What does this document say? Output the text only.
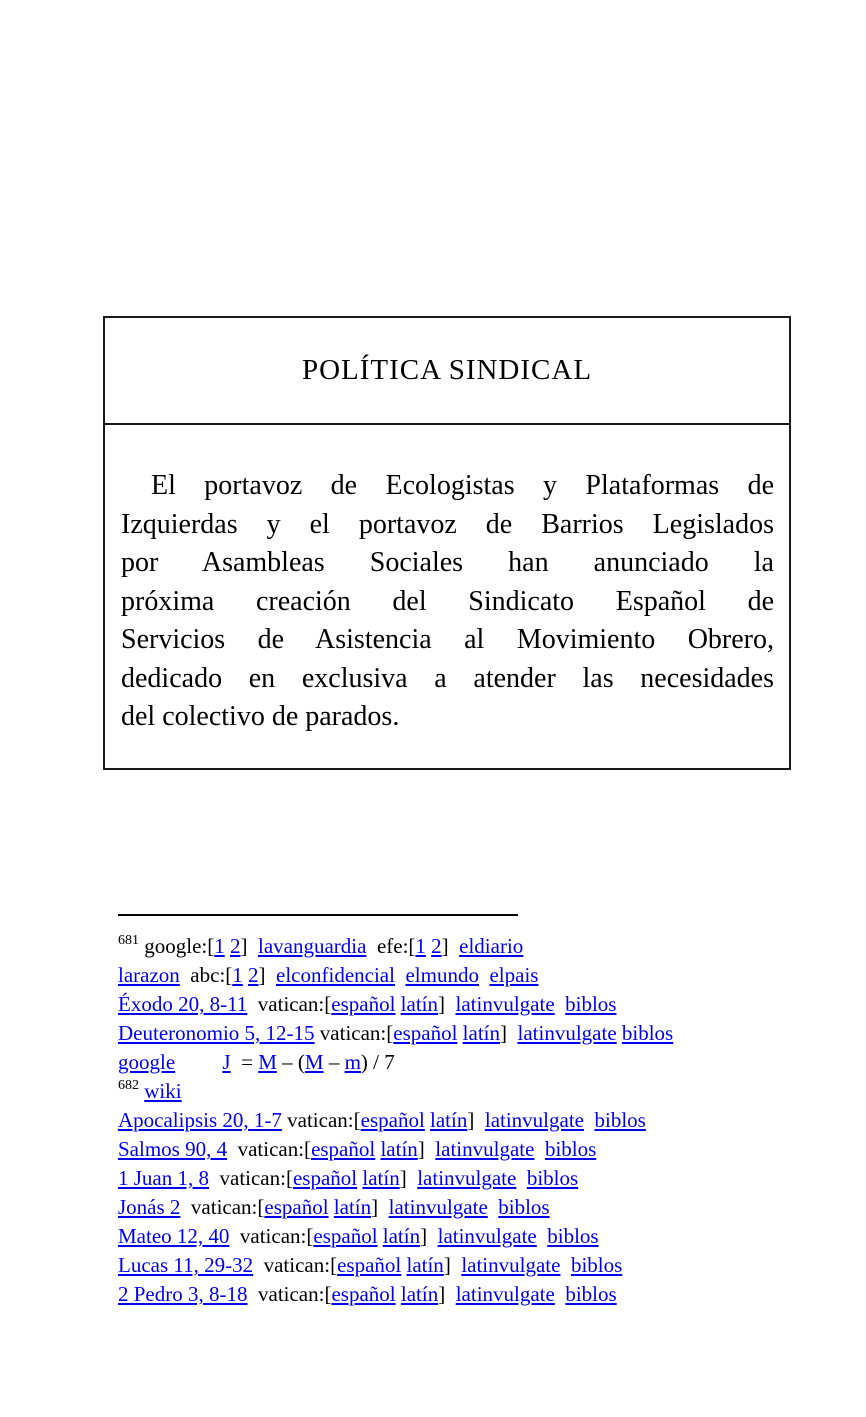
POLÍTICA SINDICAL
El portavoz de Ecologistas y Plataformas de
Izquierdas y el portavoz de Barrios Legislados
por Asambleas Sociales han anunciado la
próxima creación del Sindicato Español de
Servicios de Asistencia al Movimiento Obrero,
dedicado en exclusiva a atender las necesidades
del colectivo de parados.
$^{681}$ google:[1 2]  lavanguardia  efe:[1 2]  eldiario
larazon  abc:[1 2]  elconfidencial elmundo elpais
Éxodo 20, 8-11  vatican:[español latín]  latinvulgate biblos
Deuteronomio 5, 12-15 vatican:[español latín]  latinvulgate biblos
google J  = M – (M – m) / 7
$^{682}$ wiki
Apocalipsis 20, 1-7 vatican:[español latín]  latinvulgate biblos
Salmos 90, 4  vatican:[español latín]  latinvulgate biblos
1 Juan 1, 8  vatican:[español latín]  latinvulgate biblos
Jonás 2  vatican:[español latín]  latinvulgate biblos
Mateo 12, 40  vatican:[español latín]  latinvulgate biblos
Lucas 11, 29-32  vatican:[español latín]  latinvulgate biblos
2 Pedro 3, 8-18  vatican:[español latín]  latinvulgate biblos
